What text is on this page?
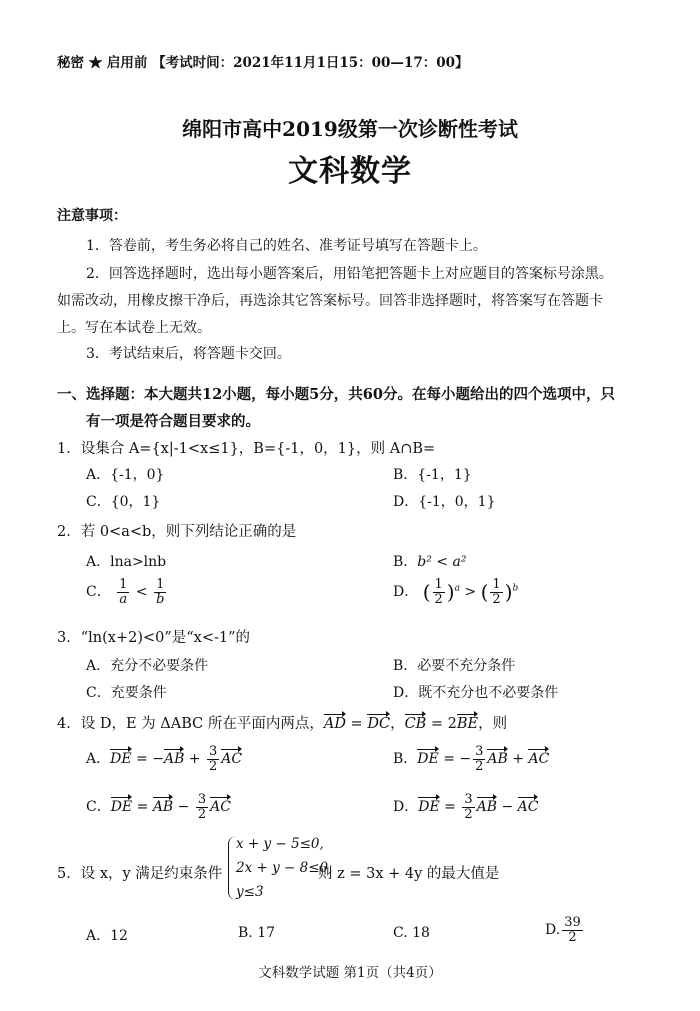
秘密 ★ 启用前 【考试时间：2021年11月1日15：00—17：00】
绵阳市高中2019级第一次诊断性考试
文科数学
注意事项：
1．答卷前，考生务必将自己的姓名、准考证号填写在答题卡上。
2．回答选择题时，选出每小题答案后，用铅笔把答题卡上对应题目的答案标号涂黑。
如需改动，用橡皮擦干净后，再选涂其它答案标号。回答非选择题时，将答案写在答题卡
上。写在本试卷上无效。
3．考试结束后，将答题卡交回。
一、选择题：本大题共12小题，每小题5分，共60分。在每小题给出的四个选项中，只
有一项是符合题目要求的。
1．设集合 A={x|-1<x≤1}，B={-1，0，1}，则 A∩B=
A．{-1，0}	B．{-1，1}
C．{0，1}	D．{-1，0，1}
2．若 0<a<b，则下列结论正确的是
A．lna>lnb	B．b² < a²
C． $\frac{1}{a} < \frac{1}{b}$	D． ( $\frac{1}{2} )^a$ > ( $\frac{1}{2} )^b$
3．“ln(x+2)<0”是“x<-1”的
A．充分不必要条件	B．必要不充分条件
C．充要条件	D．既不充分也不必要条件
4．设 D，E 为 ΔABC 所在平面内两点，AD = DC，CB = 2BE，则
A．DE = $-AB + \frac{3}{2}$ AC	B．DE = − $\frac{3}{2}$ AB + AC
C．DE = AB − $\frac{3}{2}$ AC	D．DE = $\frac{3}{2}$ AB − AC
5．设 x，y 满足约束条件
x + y − 5≤0,
2x + y − 8≤0,
y≤3
则 z = 3x + 4y 的最大值是
A．12	B. 17	C. 18	D. $\frac{39}{2}$
文科数学试题 第1页（共4页）
